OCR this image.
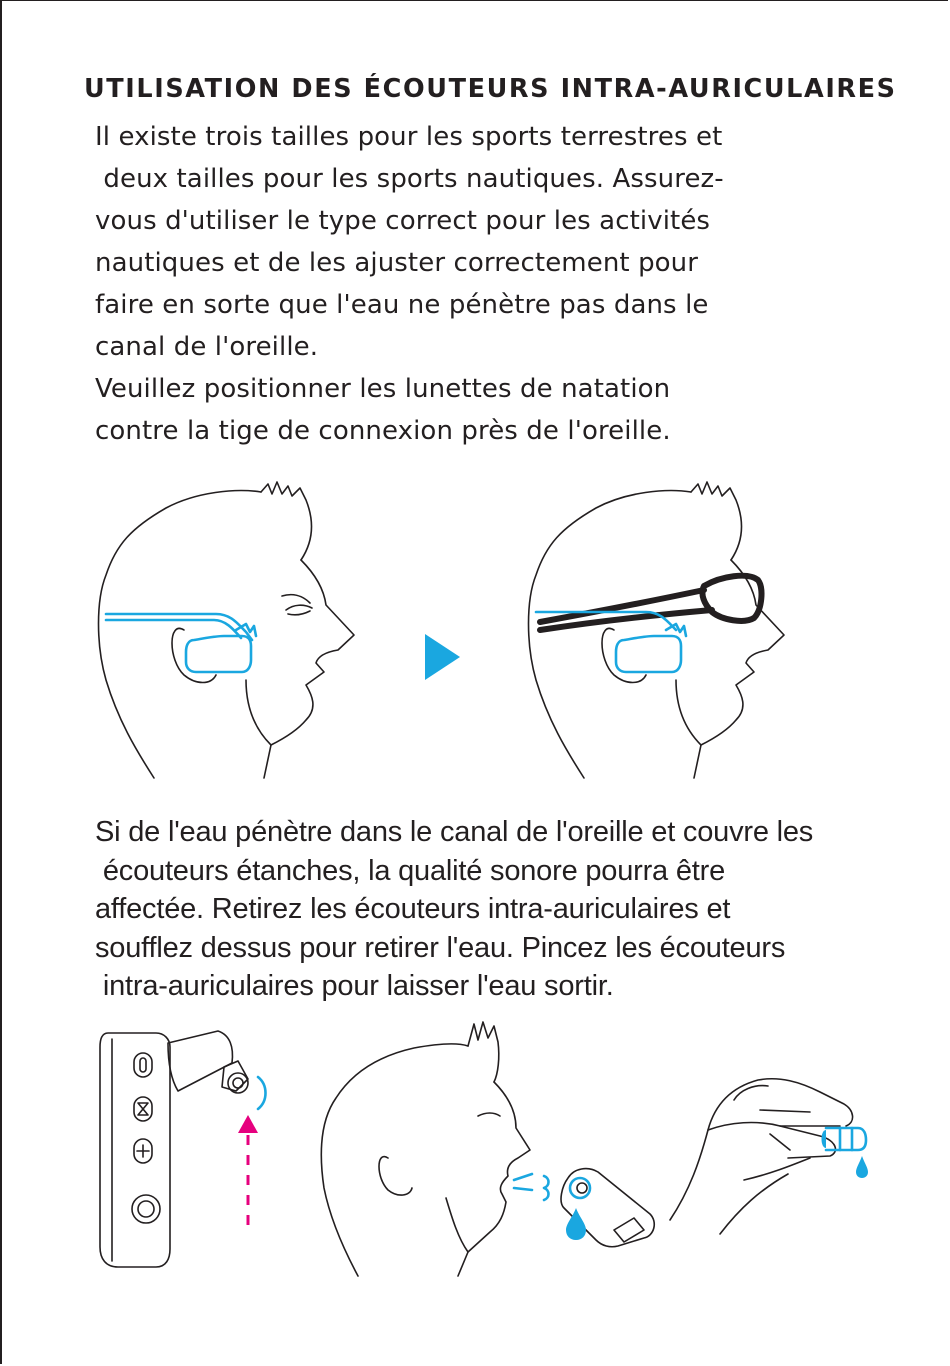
UTILISATION DES ÉCOUTEURS INTRA-AURICULAIRES
Il existe trois tailles pour les sports terrestres et
deux tailles pour les sports nautiques. Assurez-
vous d'utiliser le type correct pour les activités
nautiques et de les ajuster correctement pour
faire en sorte que l'eau ne pénètre pas dans le
canal de l'oreille.
Veuillez positionner les lunettes de natation
contre la tige de connexion près de l'oreille.
Si de l'eau pénètre dans le canal de l'oreille et couvre les
écouteurs étanches, la qualité sonore pourra être
affectée. Retirez les écouteurs intra-auriculaires et
soufflez dessus pour retirer l'eau. Pincez les écouteurs
intra-auriculaires pour laisser l'eau sortir.
